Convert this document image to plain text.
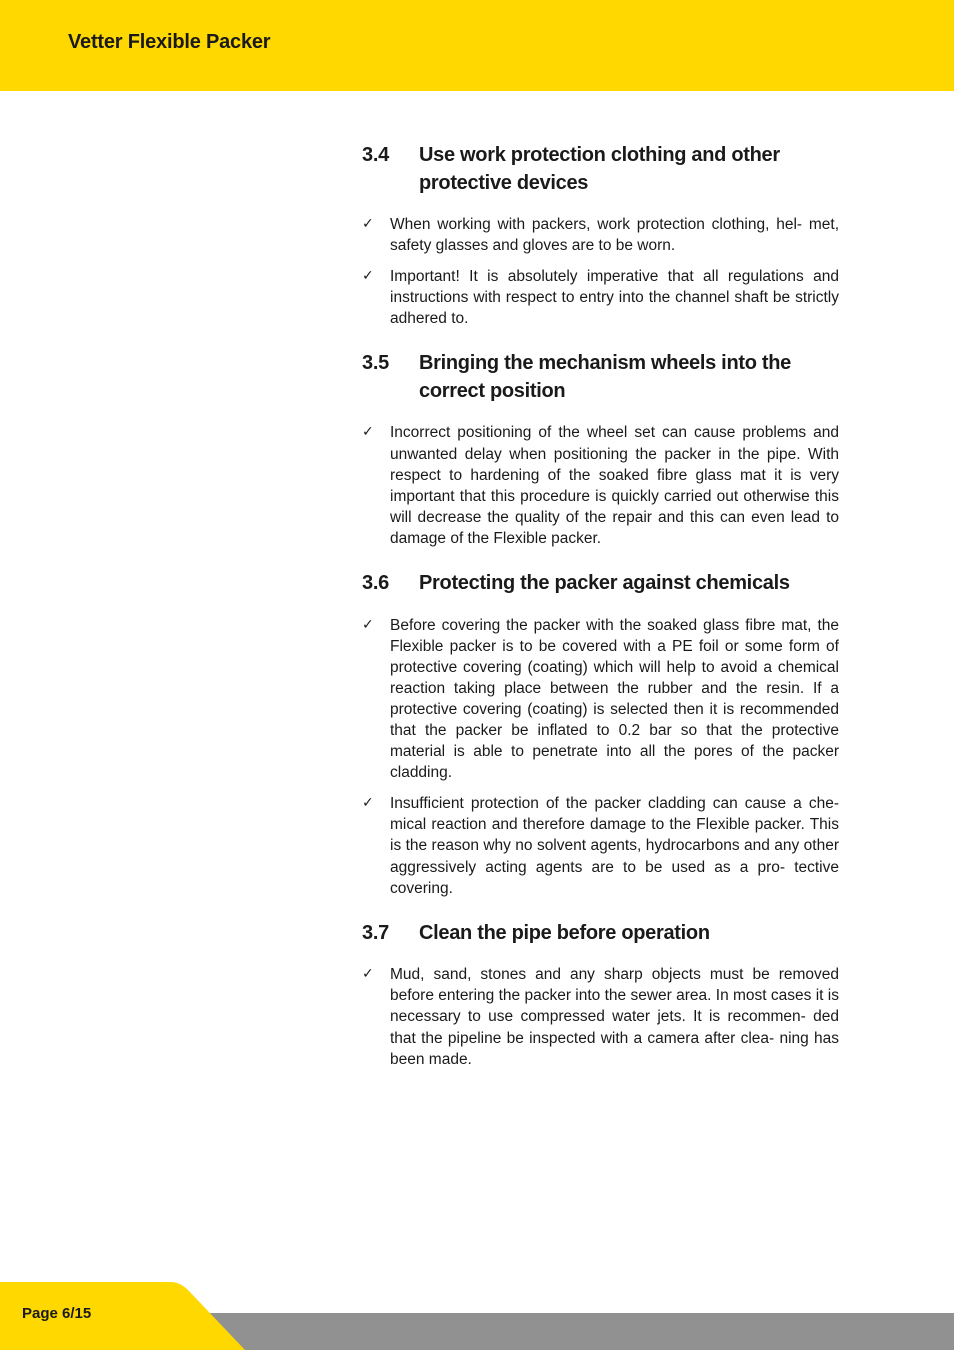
Vetter Flexible Packer
3.4	Use work protection clothing and other protective devices
✓	When working with packers, work protection clothing, hel- met, safety glasses and gloves are to be worn.
✓	Important! It is absolutely imperative that all regulations and instructions with respect to entry into the channel shaft be strictly adhered to.
3.5	Bringing the mechanism wheels into the correct position
✓	Incorrect positioning of the wheel set can cause problems and unwanted delay when positioning the packer in the pipe. With respect to hardening of the soaked fibre glass mat it is very important that this procedure is quickly carried out otherwise this will decrease the quality of the repair and this can even lead to damage of the Flexible packer.
3.6	Protecting the packer against chemicals
✓	Before covering the packer with the soaked glass fibre mat, the Flexible packer is to be covered with a PE foil or some form of protective covering (coating) which will help to avoid a chemical reaction taking place between the rubber and the resin. If a protective covering (coating) is selected then it is recommended that the packer be inflated to 0.2 bar so that the protective material is able to penetrate into all the pores of the packer cladding.
✓	Insufficient protection of the packer cladding can cause a che- mical reaction and therefore damage to the Flexible packer. This is the reason why no solvent agents, hydrocarbons and any other aggressively acting agents are to be used as a pro- tective covering.
3.7	Clean the pipe before operation
✓	Mud, sand, stones and any sharp objects must be removed before entering the packer into the sewer area. In most cases it is necessary to use compressed water jets. It is recommen- ded that the pipeline be inspected with a camera after clea- ning has been made.
Page 6/15
